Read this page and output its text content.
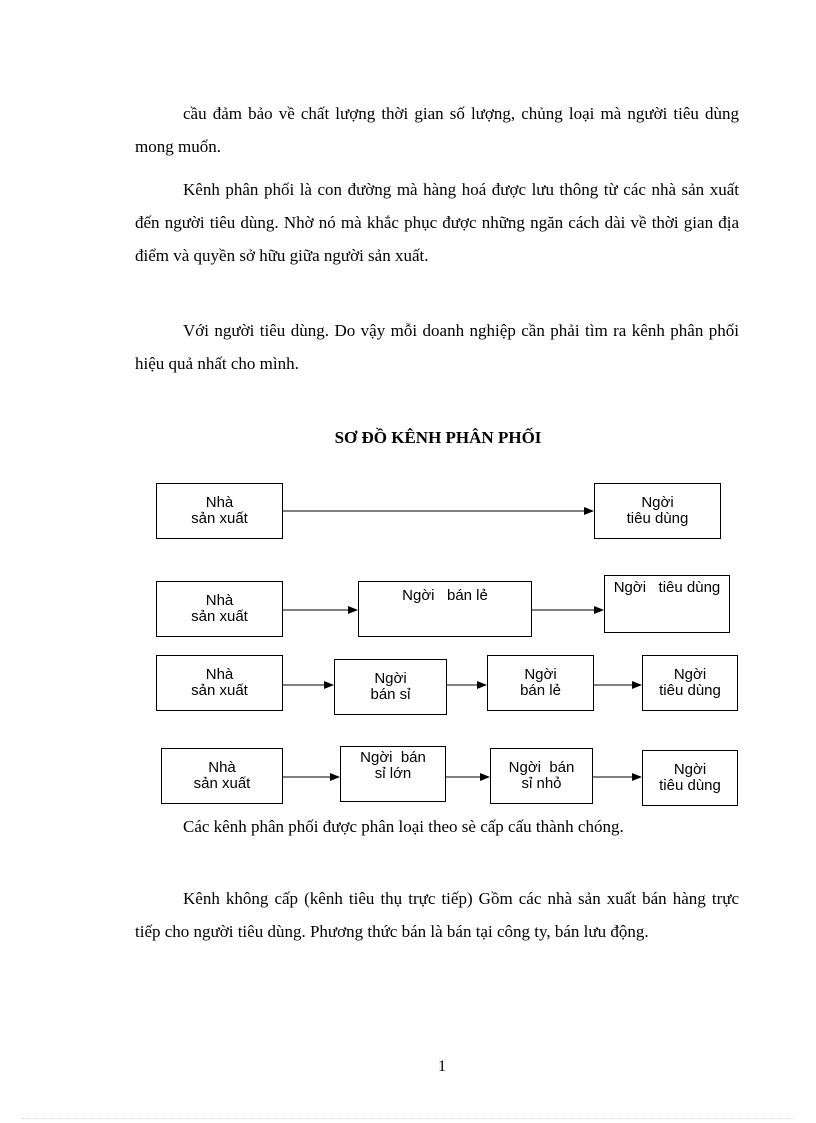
cầu đảm bảo về chất lượng thời gian số lượng, chủng loại mà người tiêu dùng mong muốn.

Kênh phân phối là con đường mà hàng hoá được lưu thông từ các nhà sản xuất đến người tiêu dùng. Nhờ nó mà khắc phục được những ngăn cách dài về thời gian địa điểm và quyền sở hữu giữa người sản xuất.

Với người tiêu dùng. Do vậy mỗi doanh nghiệp cần phải tìm ra kênh phân phối hiệu quả nhất cho mình.

SƠ ĐỒ KÊNH PHÂN PHỐI

Nhà
sản xuất
Ngời
tiêu dùng
Nhà
sản xuất
Ngời   bán lẻ	Ngời   tiêu dùng
Nhà
sản xuất
Ngời
bán sỉ
Ngời
bán lẻ
Ngời
tiêu dùng
Nhà
sản xuất
Ngời  bán
sỉ lớn	Ngời  bán
sỉ nhỏ
Ngời
tiêu dùng

Các kênh phân phối được phân loại theo sè cấp cấu thành chóng.

Kênh không cấp (kênh tiêu thụ trực tiếp) Gồm các nhà sản xuất bán hàng trực tiếp cho người tiêu dùng. Phương thức bán là bán tại công ty, bán lưu động.

1
